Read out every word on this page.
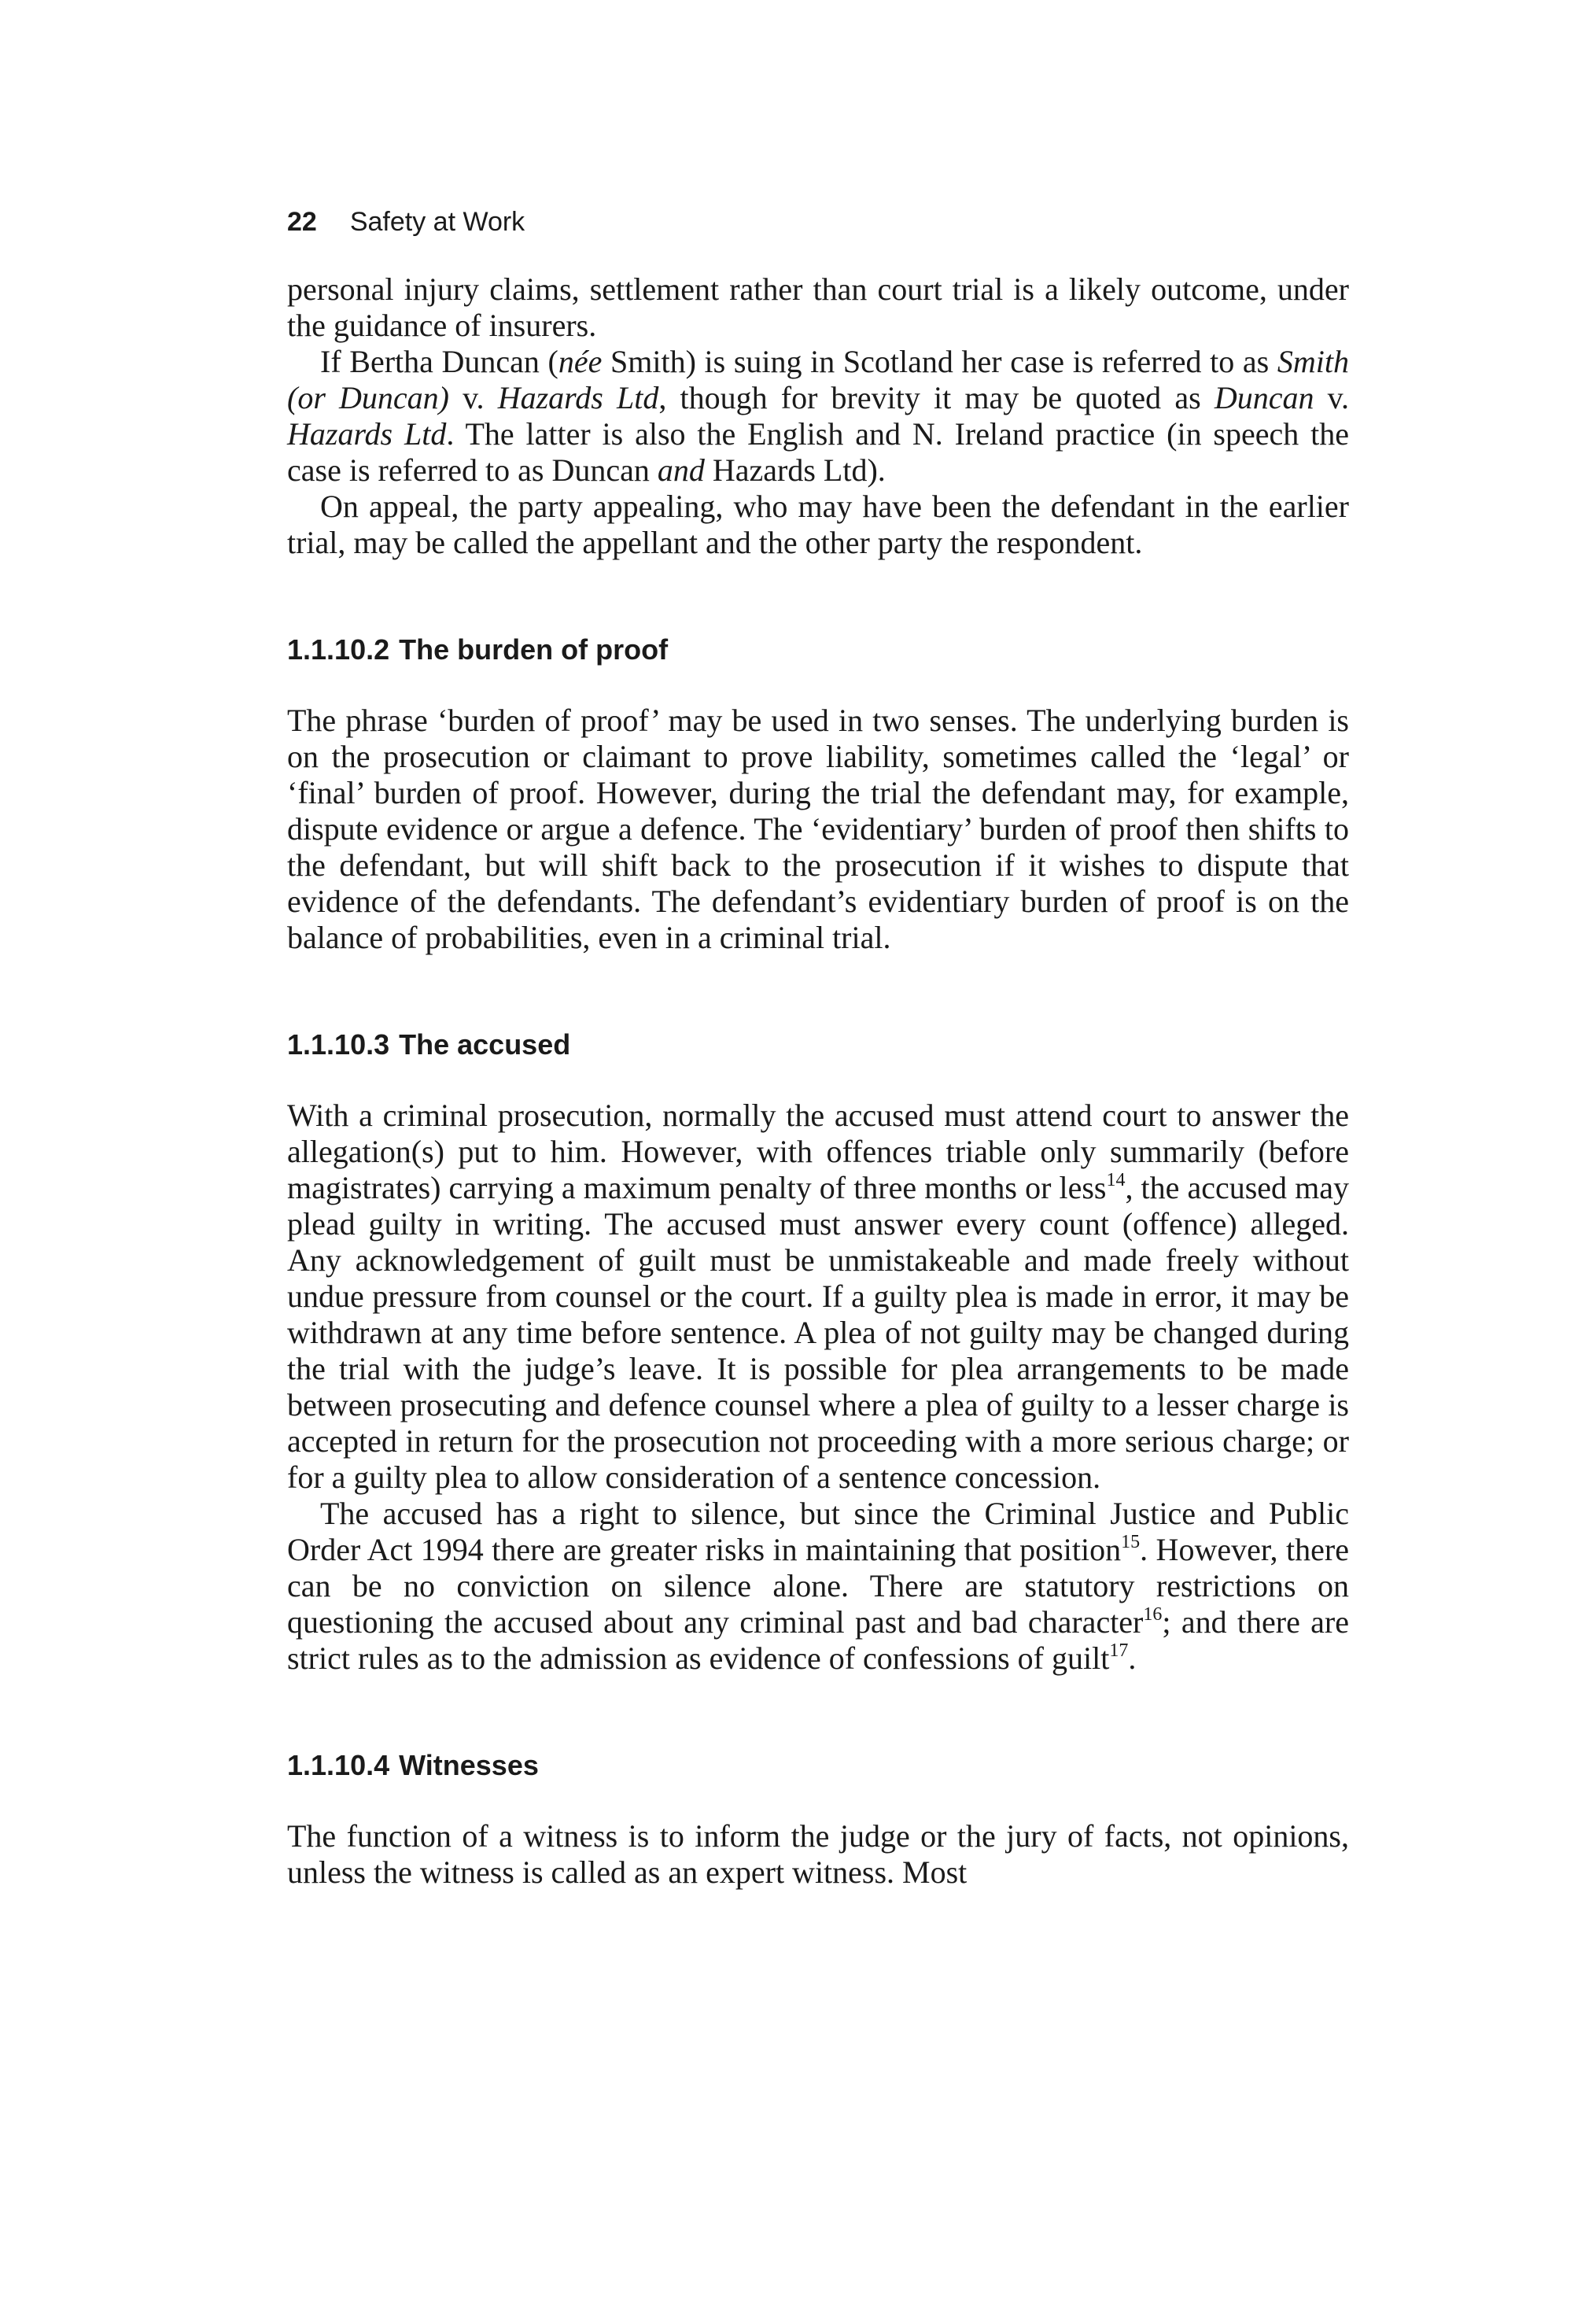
22 Safety at Work

personal injury claims, settlement rather than court trial is a likely outcome, under the guidance of insurers.

If Bertha Duncan (née Smith) is suing in Scotland her case is referred to as Smith (or Duncan) v. Hazards Ltd, though for brevity it may be quoted as Duncan v. Hazards Ltd. The latter is also the English and N. Ireland practice (in speech the case is referred to as Duncan and Hazards Ltd).

On appeal, the party appealing, who may have been the defendant in the earlier trial, may be called the appellant and the other party the respondent.

1.1.10.2 The burden of proof

The phrase ‘burden of proof’ may be used in two senses. The underlying burden is on the prosecution or claimant to prove liability, sometimes called the ‘legal’ or ‘final’ burden of proof. However, during the trial the defendant may, for example, dispute evidence or argue a defence. The ‘evidentiary’ burden of proof then shifts to the defendant, but will shift back to the prosecution if it wishes to dispute that evidence of the defendants. The defendant’s evidentiary burden of proof is on the balance of probabilities, even in a criminal trial.

1.1.10.3 The accused

With a criminal prosecution, normally the accused must attend court to answer the allegation(s) put to him. However, with offences triable only summarily (before magistrates) carrying a maximum penalty of three months or less$^{14}$, the accused may plead guilty in writing. The accused must answer every count (offence) alleged. Any acknowledgement of guilt must be unmistakeable and made freely without undue pressure from counsel or the court. If a guilty plea is made in error, it may be withdrawn at any time before sentence. A plea of not guilty may be changed during the trial with the judge’s leave. It is possible for plea arrangements to be made between prosecuting and defence counsel where a plea of guilty to a lesser charge is accepted in return for the prosecution not proceeding with a more serious charge; or for a guilty plea to allow consideration of a sentence concession.

The accused has a right to silence, but since the Criminal Justice and Public Order Act 1994 there are greater risks in maintaining that position$^{15}$. However, there can be no conviction on silence alone. There are statutory restrictions on questioning the accused about any criminal past and bad character$^{16}$; and there are strict rules as to the admission as evidence of confessions of guilt$^{17}$.

1.1.10.4 Witnesses

The function of a witness is to inform the judge or the jury of facts, not opinions, unless the witness is called as an expert witness. Most
